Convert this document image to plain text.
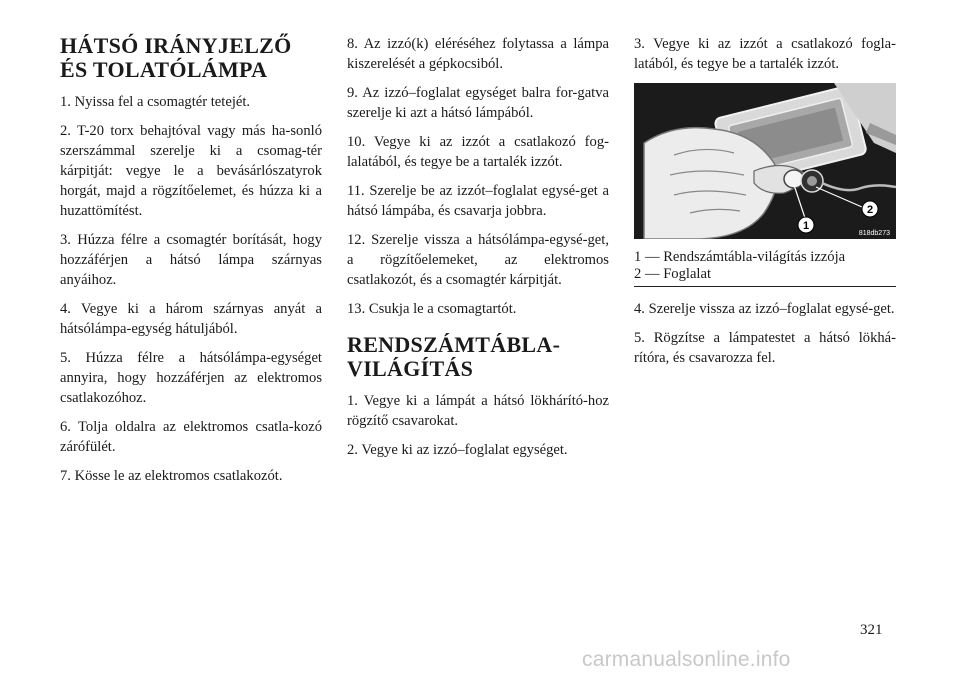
HÁTSÓ IRÁNYJELZŐ ÉS TOLATÓLÁMPA

1. Nyissa fel a csomagtér tetejét.

2. T-20 torx behajtóval vagy más ha-sonló szerszámmal szerelje ki a csomag-tér kárpitját: vegye le a bevásárlószatyrok horgát, majd a rögzítőelemet, és húzza ki a huzattömítést.

3. Húzza félre a csomagtér borítását, hogy hozzáférjen a hátsó lámpa szárnyas anyáihoz.

4. Vegye ki a három szárnyas anyát a hátsólámpa-egység hátuljából.

5. Húzza félre a hátsólámpa-egységet annyira, hogy hozzáférjen az elektromos csatlakozóhoz.

6. Tolja oldalra az elektromos csatla-kozó zárófülét.

7. Kösse le az elektromos csatlakozót.

8. Az izzó(k) eléréséhez folytassa a lámpa kiszerelését a gépkocsiból.

9. Az izzó–foglalat egységet balra for-gatva szerelje ki azt a hátsó lámpából.

10. Vegye ki az izzót a csatlakozó fog-lalatából, és tegye be a tartalék izzót.

11. Szerelje be az izzót–foglalat egysé-get a hátsó lámpába, és csavarja jobbra.

12. Szerelje vissza a hátsólámpa-egysé-get, a rögzítőelemeket, az elektromos csatlakozót, és a csomagtér kárpitját.

13. Csukja le a csomagtartót.

RENDSZÁMTÁBLA-VILÁGÍTÁS

1. Vegye ki a lámpát a hátsó lökhárító-hoz rögzítő csavarokat.

2. Vegye ki az izzó–foglalat egységet.

3. Vegye ki az izzót a csatlakozó fogla-latából, és tegye be a tartalék izzót.

1
2
818db273
1 — Rendszámtábla-világítás izzója
2 — Foglalat

4. Szerelje vissza az izzó–foglalat egysé-get.

5. Rögzítse a lámpatestet a hátsó lökhá-rítóra, és csavarozza fel.

321
carmanualsonline.info
